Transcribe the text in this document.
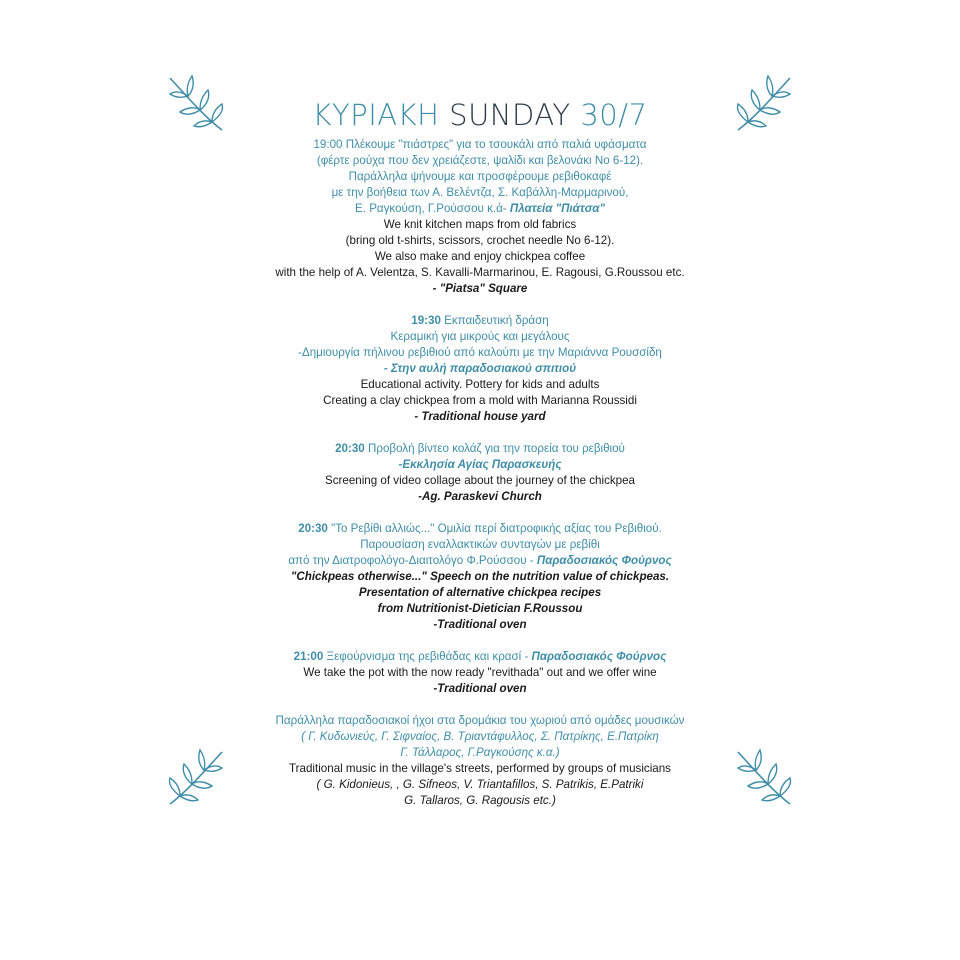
ΚΥΡΙΑΚΗ SUNDAY 30/7
19:00 Πλέκουμε "πιάστρες" για το τσουκάλι από παλιά υφάσματα
(φέρτε ρούχα που δεν χρειάζεστε, ψαλίδι και βελονάκι Νο 6-12).
Παράλληλα ψήνουμε και προσφέρουμε ρεβιθοκαφέ
με την βοήθεια των Α. Βελέντζα, Σ. Καβάλλη-Μαρμαρινού,
Ε. Ραγκούση, Γ.Ρούσσου κ.ά- Πλατεία "Πιάτσα"
We knit kitchen maps from old fabrics
(bring old t-shirts, scissors, crochet needle No 6-12).
We also make and enjoy chickpea coffee
with the help of A. Velentza, S. Kavalli-Marmarinou, E. Ragousi, G.Roussou etc.
- "Piatsa" Square
19:30 Εκπαιδευτική δράση
Κεραμική για μικρούς και μεγάλους
-Δημιουργία πήλινου ρεβιθιού από καλούπι με την Μαριάννα Ρουσσίδη
- Στην αυλή παραδοσιακού σπιτιού
Educational activity. Pottery for kids and adults
Creating a clay chickpea from a mold with Marianna Roussidi
- Traditional house yard
20:30 Προβολή βίντεο κολάζ για την πορεία του ρεβιθιού
-Εκκλησία Αγίας Παρασκευής
Screening of video collage about the journey of the chickpea
-Ag. Paraskevi Church
20:30 "Το Ρεβίθι αλλιώς..." Ομιλία περί διατροφικής αξίας του Ρεβιθιού.
Παρουσίαση εναλλακτικών συνταγών με ρεβίθι
από την Διατροφολόγο-Διαιτολόγο Φ.Ρούσσου - Παραδοσιακός Φούρνος
"Chickpeas otherwise..." Speech on the nutrition value of chickpeas.
Presentation of alternative chickpea recipes
from Nutritionist-Dietician F.Roussou
-Traditional oven
21:00 Ξεφούρνισμα της ρεβιθάδας και κρασί - Παραδοσιακός Φούρνος
We take the pot with the now ready "revithada" out and we offer wine
-Traditional oven
Παράλληλα παραδοσιακοί ήχοι στα δρομάκια του χωριού από ομάδες μουσικών
( Γ. Κυδωνιεύς, Γ. Σιφναίος, Β. Τριαντάφυλλος, Σ. Πατρίκης, Ε.Πατρίκη
Γ. Τάλλαρος, Γ.Ραγκούσης κ.α.)
Traditional music in the village's streets, performed by groups of musicians
( G. Kidonieus, , G. Sifneos, V. Triantafillos, S. Patrikis, E.Patriki
G. Tallaros, G. Ragousis etc.)
